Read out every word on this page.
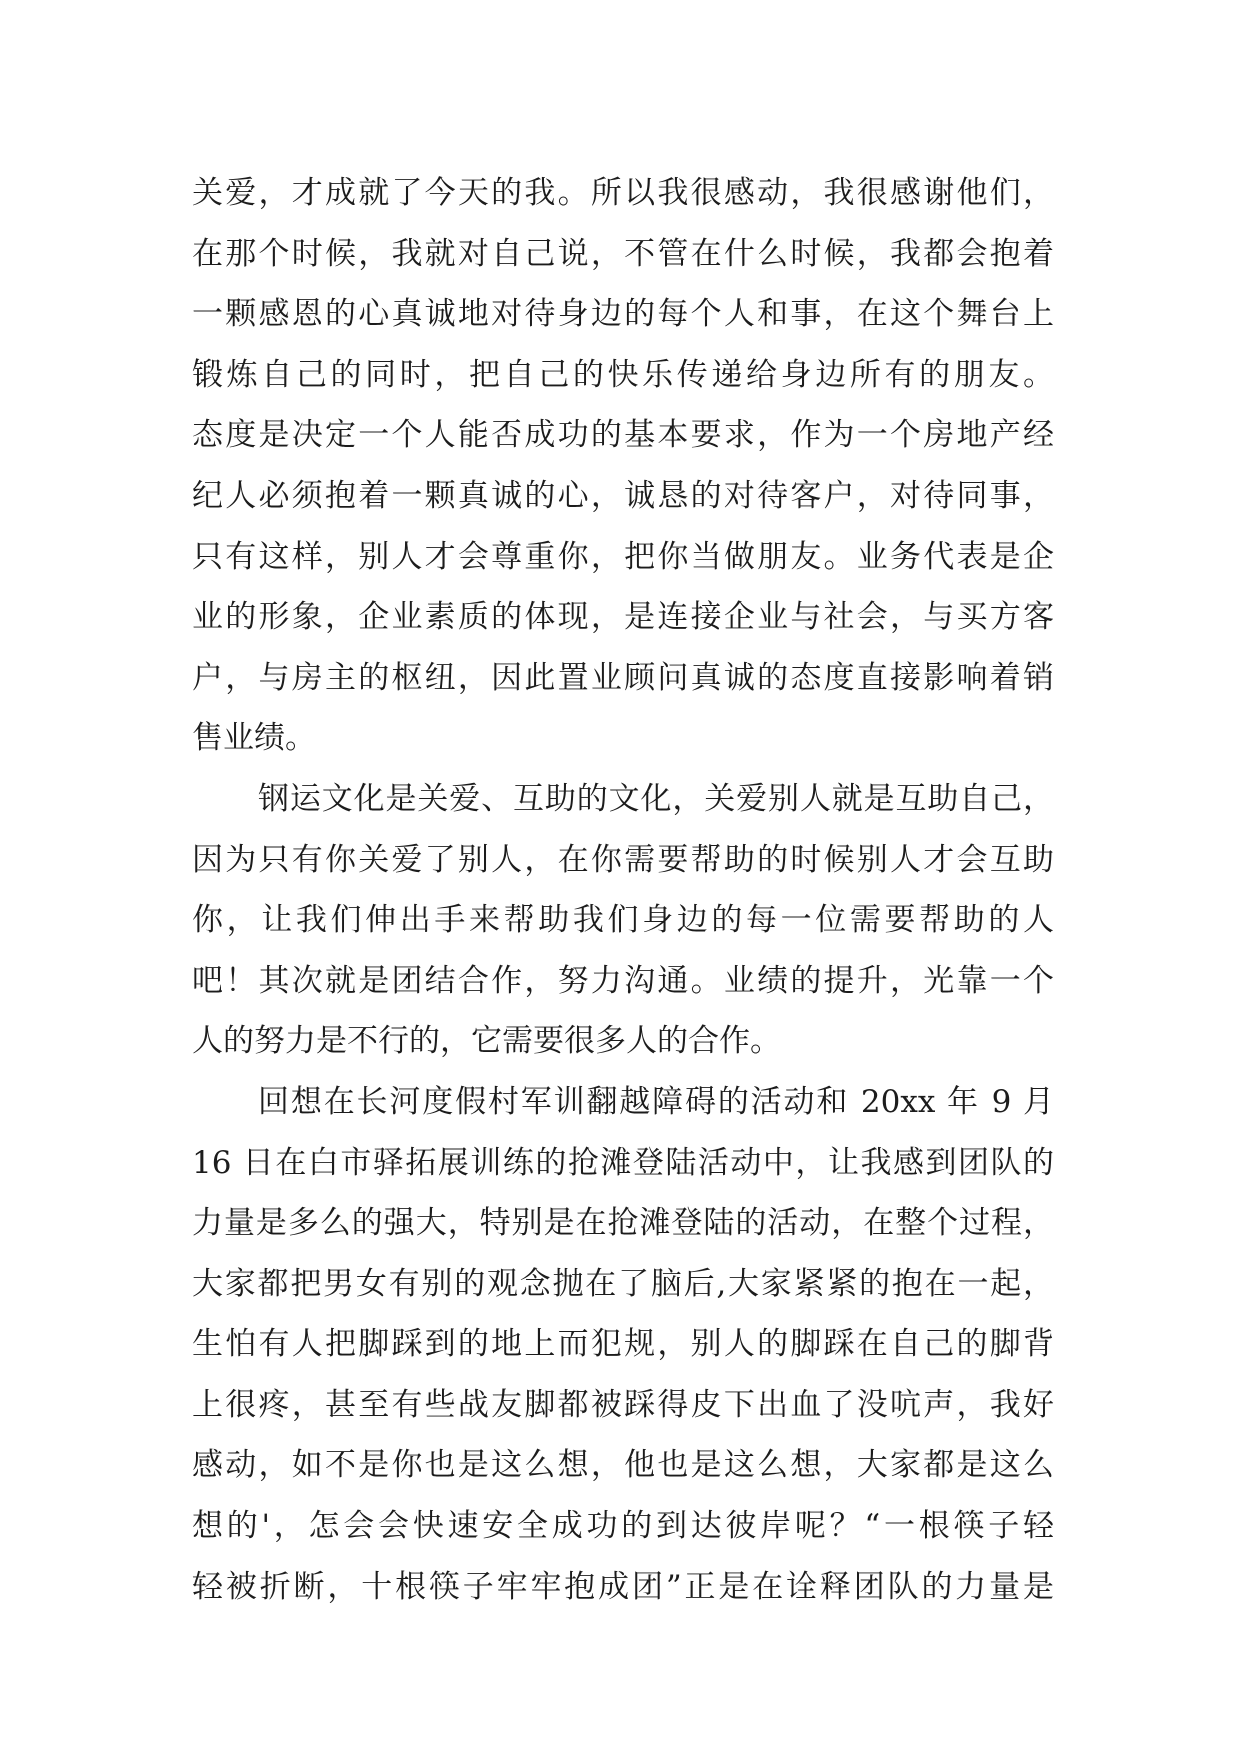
关爱，才成就了今天的我。所以我很感动，我很感谢他们，
在那个时候，我就对自己说，不管在什么时候，我都会抱着
一颗感恩的心真诚地对待身边的每个人和事，在这个舞台上
锻炼自己的同时，把自己的快乐传递给身边所有的朋友。
态度是决定一个人能否成功的基本要求，作为一个房地产经
纪人必须抱着一颗真诚的心，诚恳的对待客户，对待同事，
只有这样，别人才会尊重你，把你当做朋友。业务代表是企
业的形象，企业素质的体现，是连接企业与社会，与买方客
户，与房主的枢纽，因此置业顾问真诚的态度直接影响着销
售业绩。
钢运文化是关爱、互助的文化，关爱别人就是互助自己，
因为只有你关爱了别人，在你需要帮助的时候别人才会互助
你，让我们伸出手来帮助我们身边的每一位需要帮助的人
吧！其次就是团结合作，努力沟通。业绩的提升，光靠一个
人的努力是不行的，它需要很多人的合作。
回想在长河度假村军训翻越障碍的活动和 20xx 年 9 月
16 日在白市驿拓展训练的抢滩登陆活动中，让我感到团队的
力量是多么的强大，特别是在抢滩登陆的活动，在整个过程，
大家都把男女有别的观念抛在了脑后,大家紧紧的抱在一起，
生怕有人把脚踩到的地上而犯规，别人的脚踩在自己的脚背
上很疼，甚至有些战友脚都被踩得皮下出血了没吭声，我好
感动，如不是你也是这么想，他也是这么想，大家都是这么
想的'，怎会会快速安全成功的到达彼岸呢？“一根筷子轻
轻被折断，十根筷子牢牢抱成团”正是在诠释团队的力量是
